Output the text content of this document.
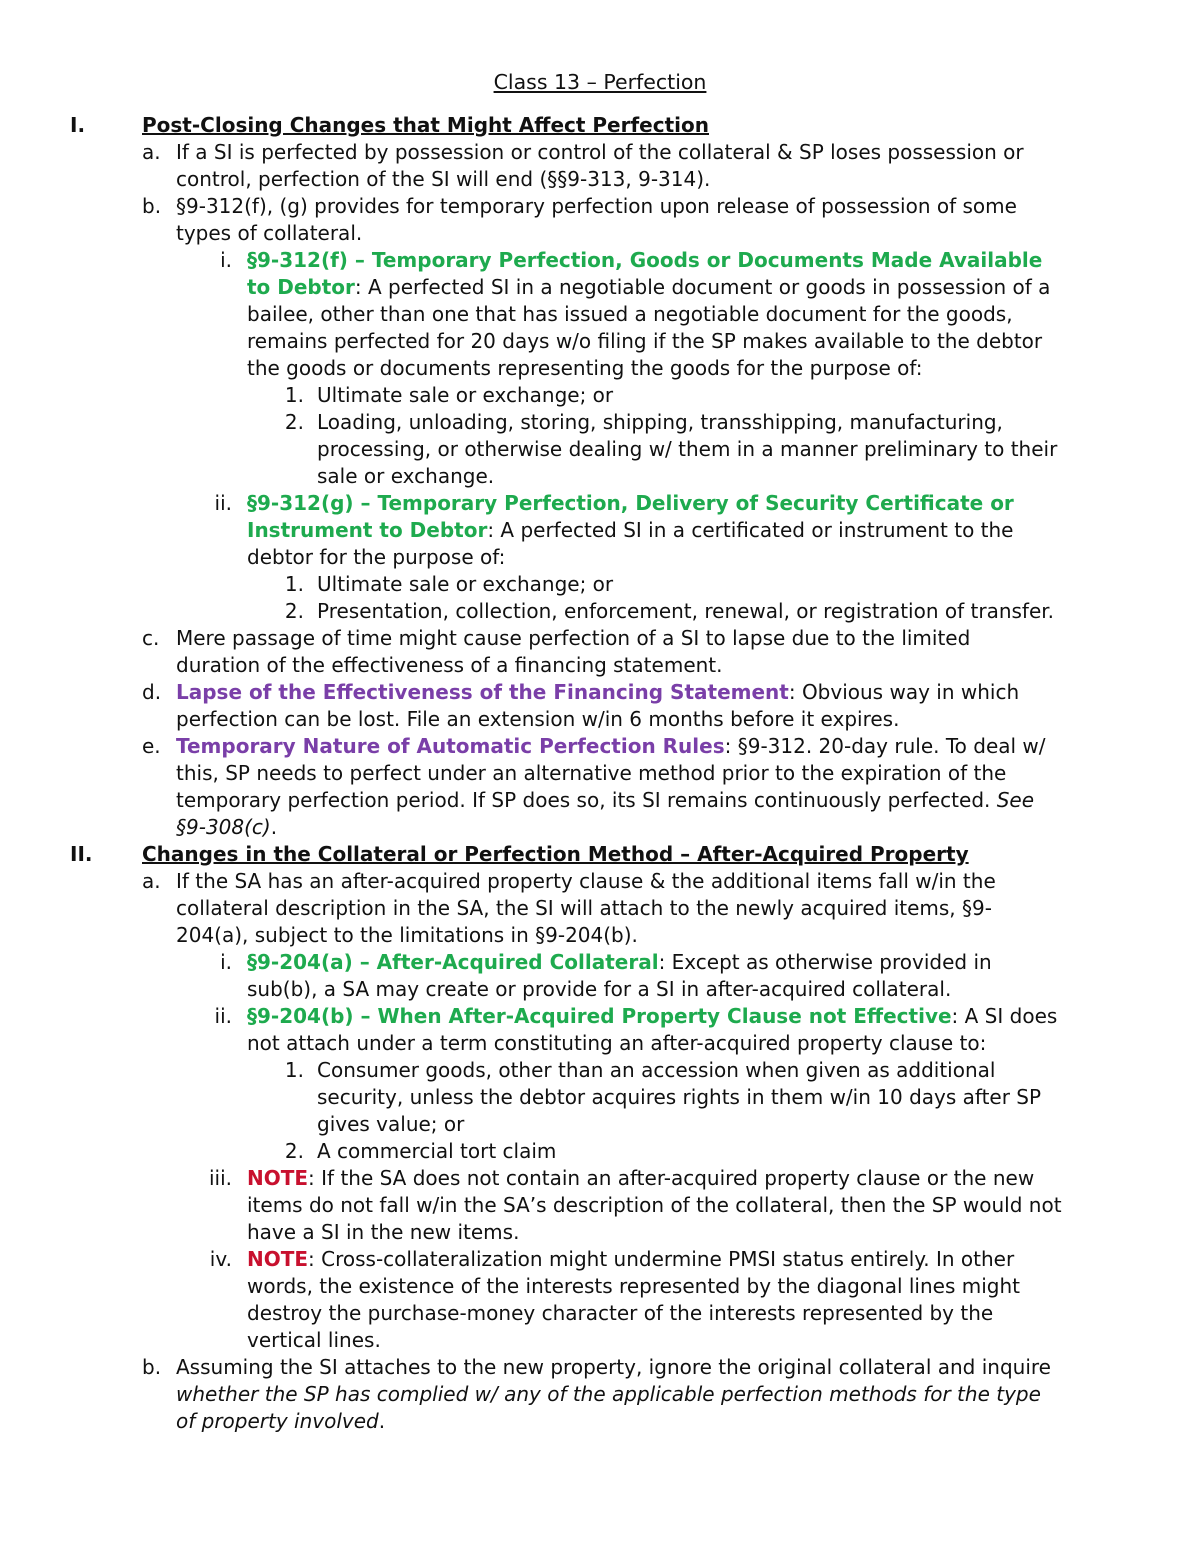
Class 13 – Perfection
I.	Post-Closing Changes that Might Affect Perfection
a. If a SI is perfected by possession or control of the collateral & SP loses possession or
control, perfection of the SI will end (§§9-313, 9-314).
b. §9-312(f), (g) provides for temporary perfection upon release of possession of some
types of collateral.
i. §9-312(f) – Temporary Perfection, Goods or Documents Made Available
to Debtor: A perfected SI in a negotiable document or goods in possession of a
bailee, other than one that has issued a negotiable document for the goods,
remains perfected for 20 days w/o filing if the SP makes available to the debtor
the goods or documents representing the goods for the purpose of:
1. Ultimate sale or exchange; or
2. Loading, unloading, storing, shipping, transshipping, manufacturing,
processing, or otherwise dealing w/ them in a manner preliminary to their
sale or exchange.
ii. §9-312(g) – Temporary Perfection, Delivery of Security Certificate or
Instrument to Debtor: A perfected SI in a certificated or instrument to the
debtor for the purpose of:
1. Ultimate sale or exchange; or
2. Presentation, collection, enforcement, renewal, or registration of transfer.
c. Mere passage of time might cause perfection of a SI to lapse due to the limited
duration of the effectiveness of a financing statement.
d. Lapse of the Effectiveness of the Financing Statement: Obvious way in which
perfection can be lost. File an extension w/in 6 months before it expires.
e. Temporary Nature of Automatic Perfection Rules: §9-312. 20-day rule. To deal w/
this, SP needs to perfect under an alternative method prior to the expiration of the
temporary perfection period. If SP does so, its SI remains continuously perfected. See
§9-308(c).
II.	Changes in the Collateral or Perfection Method – After-Acquired Property
a. If the SA has an after-acquired property clause & the additional items fall w/in the
collateral description in the SA, the SI will attach to the newly acquired items, §9-
204(a), subject to the limitations in §9-204(b).
i. §9-204(a) – After-Acquired Collateral: Except as otherwise provided in
sub(b), a SA may create or provide for a SI in after-acquired collateral.
ii. §9-204(b) – When After-Acquired Property Clause not Effective: A SI does
not attach under a term constituting an after-acquired property clause to:
1. Consumer goods, other than an accession when given as additional
security, unless the debtor acquires rights in them w/in 10 days after SP
gives value; or
2. A commercial tort claim
iii. NOTE: If the SA does not contain an after-acquired property clause or the new
items do not fall w/in the SA’s description of the collateral, then the SP would not
have a SI in the new items.
iv. NOTE: Cross-collateralization might undermine PMSI status entirely. In other
words, the existence of the interests represented by the diagonal lines might
destroy the purchase-money character of the interests represented by the
vertical lines.
b. Assuming the SI attaches to the new property, ignore the original collateral and inquire
whether the SP has complied w/ any of the applicable perfection methods for the type
of property involved.
